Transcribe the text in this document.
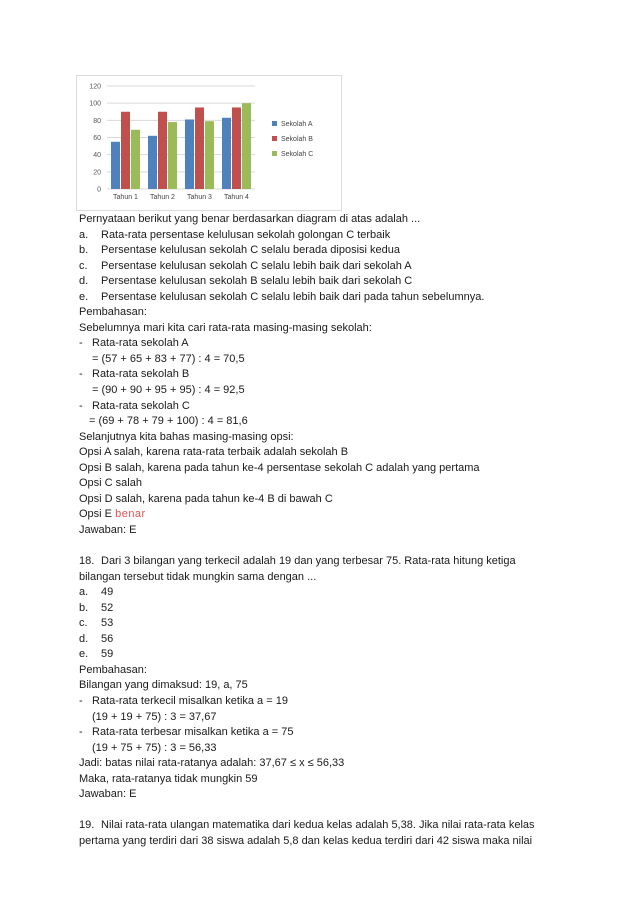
0
20
40
60
80
100
120
Tahun 1 Tahun 2 Tahun 3 Tahun 4
Sekolah A
Sekolah B
Sekolah C
Pernyataan berikut yang benar berdasarkan diagram di atas adalah ...
a. Rata-rata persentase kelulusan sekolah golongan C terbaik
b. Persentase kelulusan sekolah C selalu berada diposisi kedua
c. Persentase kelulusan sekolah C selalu lebih baik dari sekolah A
d. Persentase kelulusan sekolah B selalu lebih baik dari sekolah C
e. Persentase kelulusan sekolah C selalu lebih baik dari pada tahun sebelumnya.
Pembahasan:
Sebelumnya mari kita cari rata-rata masing-masing sekolah:
- Rata-rata sekolah A
= (57 + 65 + 83 + 77) : 4 = 70,5
- Rata-rata sekolah B
= (90 + 90 + 95 + 95) : 4 = 92,5
- Rata-rata sekolah C
= (69 + 78 + 79 + 100) : 4 = 81,6
Selanjutnya kita bahas masing-masing opsi:
Opsi A salah, karena rata-rata terbaik adalah sekolah B
Opsi B salah, karena pada tahun ke-4 persentase sekolah C adalah yang pertama
Opsi C salah
Opsi D salah, karena pada tahun ke-4 B di bawah C
Opsi E benar
Jawaban: E
18. Dari 3 bilangan yang terkecil adalah 19 dan yang terbesar 75. Rata-rata hitung ketiga
bilangan tersebut tidak mungkin sama dengan ...
a. 49
b. 52
c. 53
d. 56
e. 59
Pembahasan:
Bilangan yang dimaksud: 19, a, 75
- Rata-rata terkecil misalkan ketika a = 19
(19 + 19 + 75) : 3 = 37,67
- Rata-rata terbesar misalkan ketika a = 75
(19 + 75 + 75) : 3 = 56,33
Jadi: batas nilai rata-ratanya adalah: 37,67 ≤ x ≤ 56,33
Maka, rata-ratanya tidak mungkin 59
Jawaban: E
19. Nilai rata-rata ulangan matematika dari kedua kelas adalah 5,38. Jika nilai rata-rata kelas
pertama yang terdiri dari 38 siswa adalah 5,8 dan kelas kedua terdiri dari 42 siswa maka nilai
